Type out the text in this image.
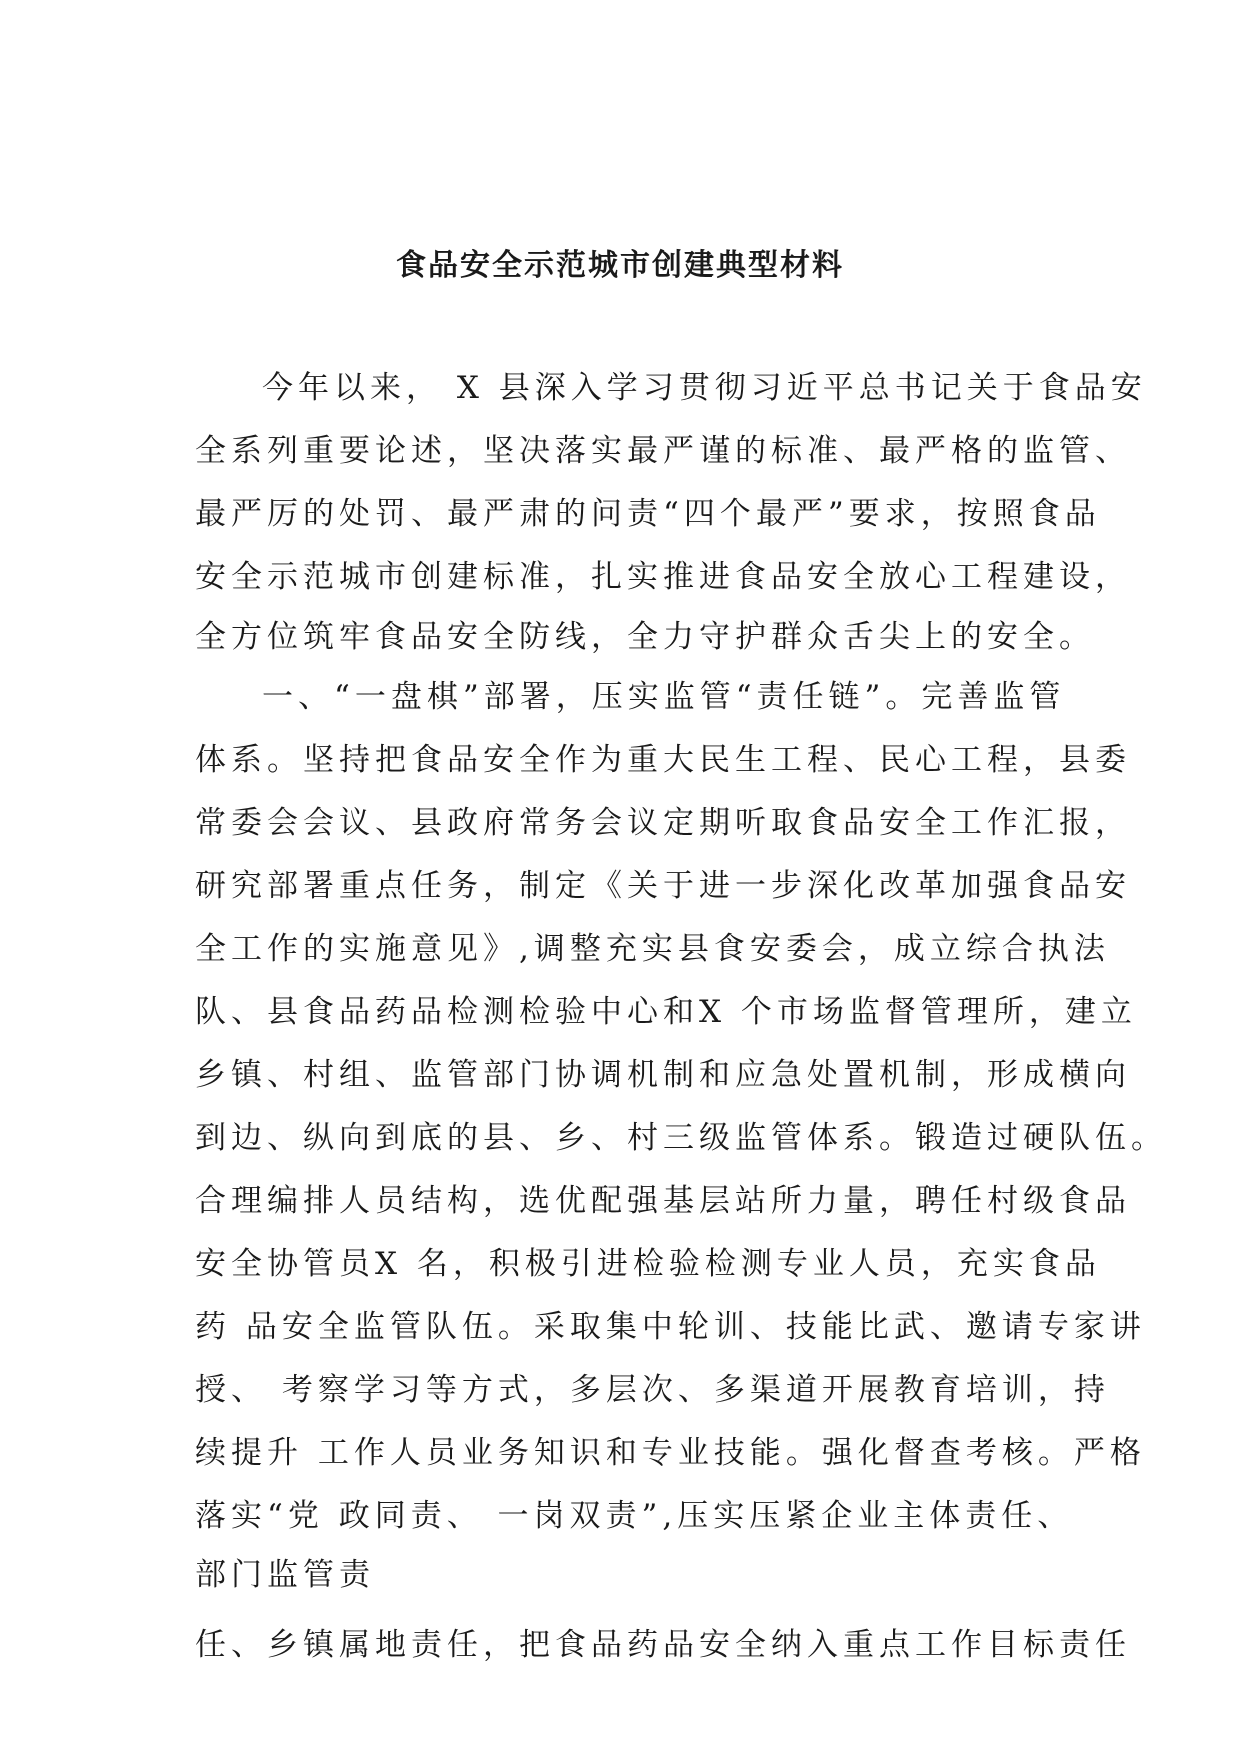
食品安全示范城市创建典型材料
今年以来， X 县深入学习贯彻习近平总书记关于食品安
全系列重要论述，坚决落实最严谨的标准、最严格的监管、
最严厉的处罚、最严肃的问责“四个最严”要求，按照食品
安全示范城市创建标准，扎实推进食品安全放心工程建设，
全方位筑牢食品安全防线，全力守护群众舌尖上的安全。
一、“一盘棋”部署，压实监管“责任链”。完善监管
体系。坚持把食品安全作为重大民生工程、民心工程，县委
常委会会议、县政府常务会议定期听取食品安全工作汇报，
研究部署重点任务，制定《关于进一步深化改革加强食品安
全工作的实施意见》,调整充实县食安委会，成立综合执法
队、县食品药品检测检验中心和X 个市场监督管理所，建立
乡镇、村组、监管部门协调机制和应急处置机制，形成横向
到边、纵向到底的县、乡、村三级监管体系。锻造过硬队伍。
合理编排人员结构，选优配强基层站所力量，聘任村级食品
安全协管员X 名，积极引进检验检测专业人员，充实食品
药 品安全监管队伍。采取集中轮训、技能比武、邀请专家讲
授、 考察学习等方式，多层次、多渠道开展教育培训，持
续提升 工作人员业务知识和专业技能。强化督查考核。严格
落实“党 政同责、 一岗双责”,压实压紧企业主体责任、
部门监管责
任、乡镇属地责任，把食品药品安全纳入重点工作目标责任
